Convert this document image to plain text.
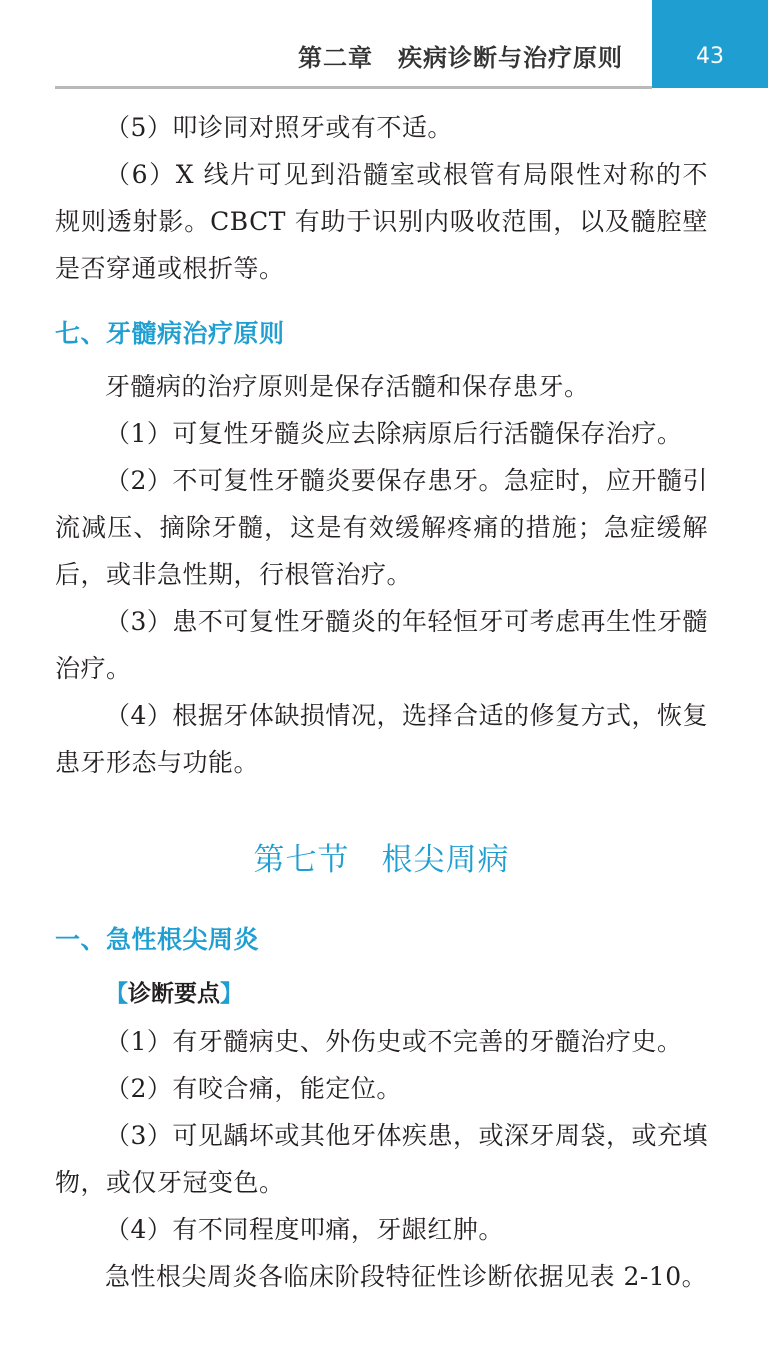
第二章　疾病诊断与治疗原则	43

（5）叩诊同对照牙或有不适。

（6）X 线片可见到沿髓室或根管有局限性对称的不规则透射影。CBCT 有助于识别内吸收范围，以及髓腔壁是否穿通或根折等。

七、牙髓病治疗原则

牙髓病的治疗原则是保存活髓和保存患牙。

（1）可复性牙髓炎应去除病原后行活髓保存治疗。

（2）不可复性牙髓炎要保存患牙。急症时，应开髓引流减压、摘除牙髓，这是有效缓解疼痛的措施；急症缓解后，或非急性期，行根管治疗。

（3）患不可复性牙髓炎的年轻恒牙可考虑再生性牙髓治疗。

（4）根据牙体缺损情况，选择合适的修复方式，恢复患牙形态与功能。

第七节　根尖周病
一、急性根尖周炎
【诊断要点】

（1）有牙髓病史、外伤史或不完善的牙髓治疗史。

（2）有咬合痛，能定位。

（3）可见龋坏或其他牙体疾患，或深牙周袋，或充填物，或仅牙冠变色。

（4）有不同程度叩痛，牙龈红肿。

急性根尖周炎各临床阶段特征性诊断依据见表 2-10。
